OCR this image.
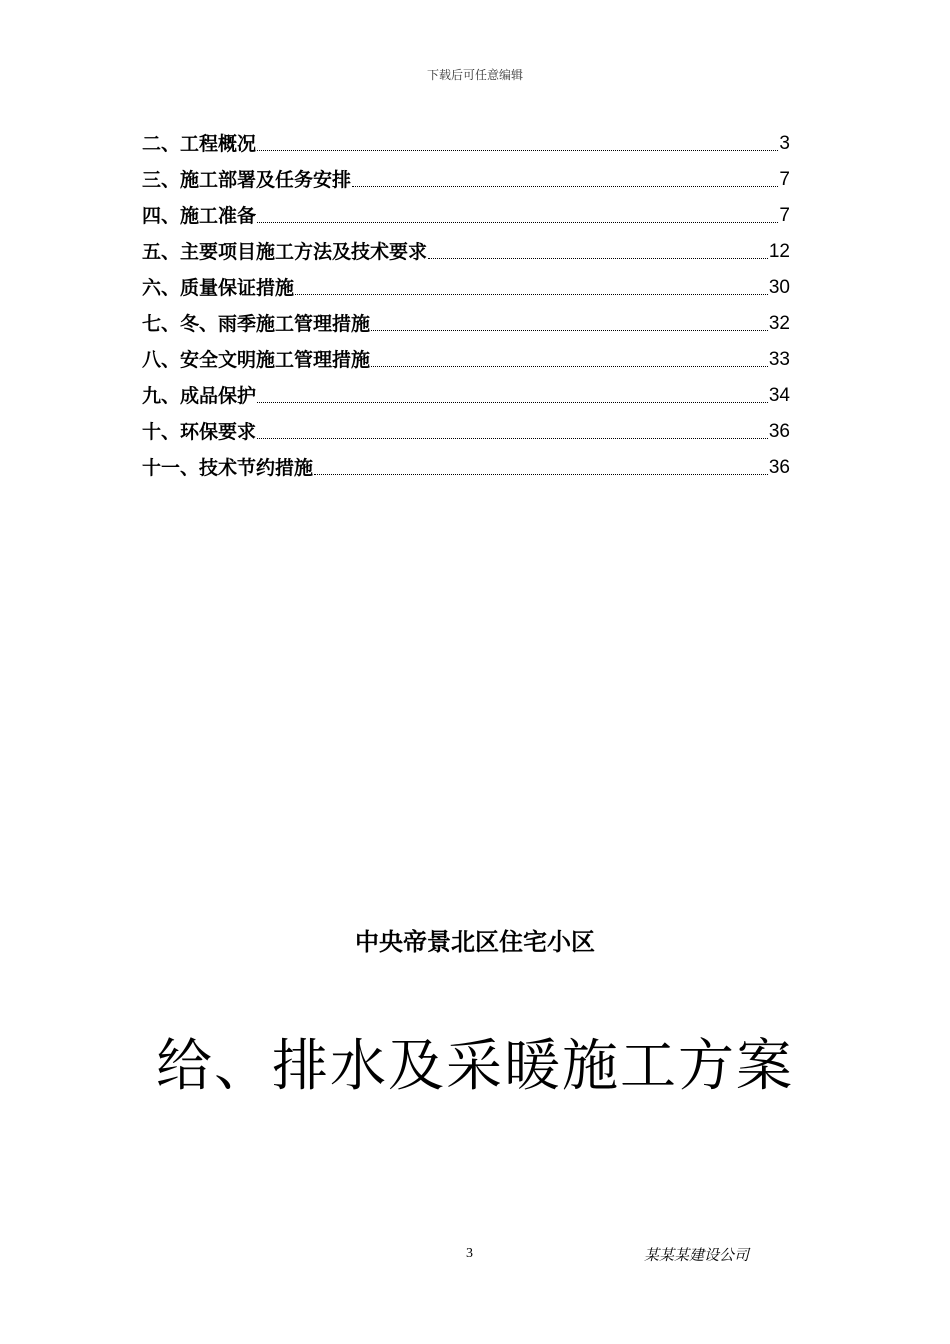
下载后可任意编辑
二、工程概况	3
三、施工部署及任务安排	7
四、施工准备	7
五、主要项目施工方法及技术要求	12
六、质量保证措施	30
七、冬、雨季施工管理措施	32
八、安全文明施工管理措施	33
九、成品保护	34
十、环保要求	36
十一、技术节约措施	36
中央帝景北区住宅小区
给、排水及采暖施工方案
3	某某某建设公司
